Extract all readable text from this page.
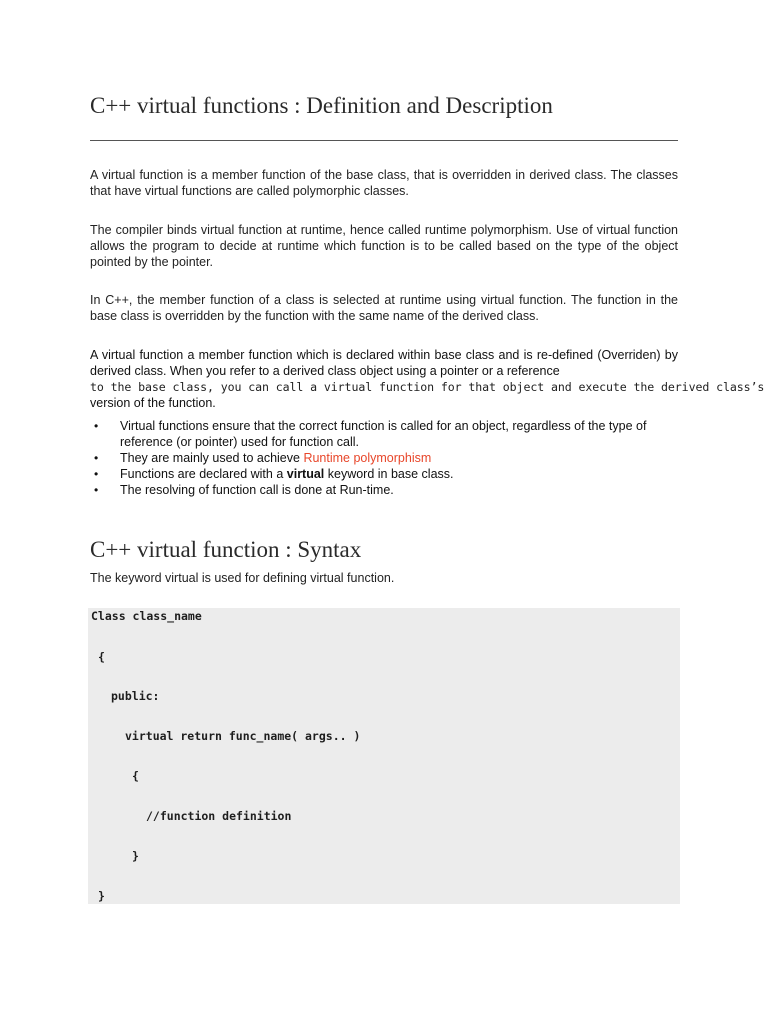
C++ virtual functions : Definition and Description

A virtual function is a member function of the base class, that is overridden in derived class. The classes that have virtual functions are called polymorphic classes.

The compiler binds virtual function at runtime, hence called runtime polymorphism. Use of virtual function allows the program to decide at runtime which function is to be called based on the type of the object pointed by the pointer.

In C++, the member function of a class is selected at runtime using virtual function. The function in the base class is overridden by the function with the same name of the derived class.

A virtual function a member function which is declared within base class and is re-defined (Overriden) by derived class. When you refer to a derived class object using a pointer or a reference

to the base class, you can call a virtual function for that object and execute the derived class’s

version of the function.

• Virtual functions ensure that the correct function is called for an object, regardless of the type of reference (or pointer) used for function call.
• They are mainly used to achieve Runtime polymorphism
• Functions are declared with a virtual keyword in base class.
• The resolving of function call is done at Run-time.
C++ virtual function : Syntax

The keyword virtual is used for defining virtual function.

Class class_name
{
public:
virtual return func_name( args.. )
{
//function definition
}
}
